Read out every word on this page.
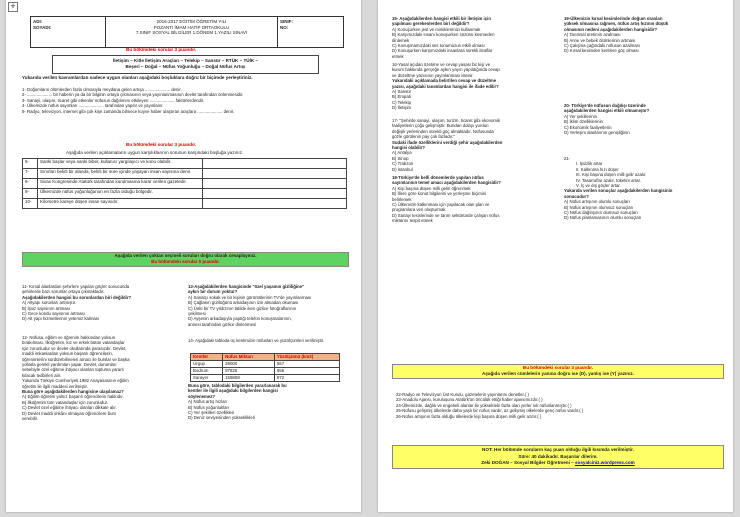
✛
ADI:
SOYADI:
2016-2017 EĞİTİM ÖĞRETİM YILI
POZANTI İMAM HATİP ORTAOKULU
7.SINIF SOSYAL BİLGİLER 1.DÖNEM 1.YAZILI SINAVI
SINIF:
NO:
Bu bölümdeki sorular 3 puandır.
İletişim – Kitle İletişim Araçları – Telekip – Sansür – RTÜK – TÜİK –
Beşeri – Doğal – Nüfus Yoğunluğu – Doğal Nüfus Artışı
Yukarıda verilen kavramlardan sadece uygun olanları aşağıdaki boşluklara doğru bir biçimde yerleştiriniz.
1- Doğumların ölümlerden fazla olmasıyla meydana gelen artışa ..................... denir.
2- ..................... bir haberin ya da bir bilginin ortaya çıkmasının veya yayınlanmasının devlet tarafından önlenmesidir.
3- Sanayi, ulaşım, ticaret gibi etkenler nüfusun dağılımını etkileyen ..................... faktörlerdendir.
4- Ülkemizde nüfus sayımları ..................... tarafından yapılır ve yayınlanır.
5- Radyo, televizyon, internet gibi çok kişe zamanda bilmece koyve haber ulaştıran araçlara ..................... denir.
Bu bölümdeki sorular 3 puandır.
Aşağıda verilen açıklamaların uygun karşılıklarının sorunun karşındaki boşluğa yazınız.
6-	Sanki başlar veya sanki biber, kullanıcı yargılayıcı ve konu olabilir.	
7-	Sınırları belirli bir alanda, belirli bir süre içinde yaşayan insan sayısına denir.	
8-	Sivas Kongresinde Atatürk tarafından kurulmasına karar verilen gazetedir.	
9-	Ülkemizde nüfus yoğunluğunun en fazla olduğu bölgedir.	
10-	Kilometre kareye düşen insan sayısıdır.	
Aşağıda verilen çoktan seçmeli soruları doğru olarak cevaplayınız.
Bu bölümdeki sorular 5 puandır.
11- Kırsal alanlardan şehirlere yapılan göçler sonucunda
şehirlerde bazı sorunlar ortaya çıkmaktadır.
Aşağıdakilerden hangisi bu sorunlardan biri değildir?
A) Altyapı sorunları artmıştır.
B) İşsiz sayısının artması
C) Gece kondu sayısının artması
D) Alt yapı hizmetlerinin yetersiz kalması
12- Nüfusa, eğitim ve öğrenim hakkından yoksun
bırakılması. İlköğretim, kız ve erkek bütün vatandaşlar
için zorunludur ve devlet okullarında parasızdır. Devlet,
maddi imkanlardan yoksun başarılı öğrencilerin,
öğrenimlerini sürdürebilmeleri amacı ile burslar ve başka
yollarla gerekli yardımları yapar. Devlet, durumları
sebebiyle özel eğitime ihtiyacı olanları topluma yararlı
kılacak tedbirleri alır.
Yukarıda Türkiye Cumhuriyeti 1982 Anayasasının eğitim
öğretim ile ilgili maddesi verilmiştir.
Buna göre aşağıdakilerden hangisine ulaşılamaz?
A) Eğitim-öğretim yalnız başarılı öğrencilerin hakkıdır.
B) İlköğretim tüm vatandaşlar için zorunludur.
C) Devlet özel eğitime ihtiyacı olanları dikkate alır.
D) Devlet maddi imkânı olmayan öğrencilere burs
verebilir.
13-Aşağıdakilerden hangisinde "özel yaşamın gizliliğine"
aykırı bir durum yoktur?
A) Sanatçı sokak ve bir kişinin görüntülerinin TV'de yayınlanması
B) Çağlanın günlüğünü arkadaşının izin almadan okuması
C) Ünlü bir TV yıldızının tatilde iken gizlice fotoğraflarının
çekilmesi
D) Ayşenin arkadaşıyla yaptığı telefon konuşmalarının,
annesi tarafından gizlice dinlenmesi
14- Aşağıdaki tabloda üç kentimizin nüfusları ve yüzölçümleri verilmiştir.
Kentler	Nüfus Miktarı	Yüzölçümü (km2)
Urgup	28000	557
Bodrum	97826	656
Sarayer	159808	972
Buna göre, tablodaki bilgilerden yararlanarak bu
kentler ile ilgili aşağıdaki bilgilerden hangisi
söylenemez?
A) Nüfus artış hızları
B) Nüfus yoğunlukları
C) Yer şekilleri özellikleri
D) Deniz seviyesinden yükseklikleri
15- Aşağıdakilerden hangisi etkili bir iletişim için
yapılması gerekenlerden biri değildir?
A) Konuşurken jest ve mimiklerimizi kullanmak
B) Karşımızdaki insanı konuşurken sözünü kesmeden
dinlemek
C) Konuşmamızdaki ses tonumuzun etkili olması
D) Konuşurken karşımızdaki insanlara sürekli itiraflar
etmek
16-Yasal açıdan özetime ve cevap yasası bir kişi ve
kurum hakkında gerçeğe aykırı yayın yapıldığında cevap
ve düzeltme yazısının yayınlanması istenir.
Yukarıdaki açıklamada belirtilen cevap ve düzeltme
yazısı, aşağıdaki tanımlardan hangisi ile ifade edilir?
A) Sansür
B) Empati
C) Telekip
D) İletişim
17- "Şehirde sanayi, ulaşım, turizm, ticaret gibi ekonomik
faaliyetlerin çoğu gelişmiştir. Bundan dolayı yurdun
değişik yerlerinden sürekli göç almaktadır. Nüfusunda
gözle görülenin pay çok fazladır."
Sudaki ifade özelliklerini verdiği şehir aşağıdakilerden
hangisi olabilir?
A) Antalya
B) Sinop
C) Trabzon
D) İstanbul
18-Türkiye'de belli dönemlerde yapılan nüfus
sayımlarının temel amacı aşağıdakilerden hangisidir?
A) Kişi başına düşen milli geliri öğrenmek
B) İllere göre konut bilgilerini ve yerleşme biçimini
belirlemek
C) Ülkemizin kalkınması için yapılacak olan plan ve
programlara veri oluşturmak
D) Sanayi tesislerinde ve tarım sektöründe çalışan nüfus
miktarını tespit etmek
19-Ülkemizin kırsal kesimlerinde doğum oranları
yüksek olmasına rağmen, nüfus artış hızının düşük
olmasının nedeni aşağıdakilerden hangisidir?
A) Tarımsal üretimin azalması
B) Anne ve bebek ölümlerinin artması
C) Çalışma çağındaki nüfusun azalması
D) Kırsal kesimden kentlere göç olması
20- Türkiye'de nüfusun dağılışı üzerinde
aşağıdakilerden hangisi etkili olmamıştır?
A) Yer şekillerinin
B) İklim özelliklerinin
C) Ekonomik faaliyetlerin
D) Yerleşim alanlarının genişliğinin
21-
I. İşsizlik artar
II. Kalkınma hızı düşer
III. Kişi başına düşen milli gelir azalır.
IV. Tasarruflar azalır, tüketim artar.
V. İç ve dış göçler artar.
Yukarıda verilen sonuçlar aşağıdakilerden hangisinin
sonucudur?
A) Nüfus artışının olumlu sonuçları
B) Nüfus artışının olumsuz sonuçları
C) Nüfus dağılışının olumsuz sonuçları
D) Nüfus planlamasının olumlu sonuçları
Bu bölümdeki sorular 3 puandır.
Aşağıda verilen cümlelerin yanına doğru ise (D), yanlış ise (Y) yazınız.
22-Radyo ve Televizyon Üst Kurulu, gazetelerin yayınlarını denetler.( )
23-Anadolu Ajansı, kuruluşunu Atatürk'ün öncülük ettiği haber ajansımızdır.( )
24-Ülkemizde, dağlık ve engebeli alanlar ile yüksekteki fazla olan yerler sık nüfuslanmıştır.( )
25-Nüfusu gelişmiş ülkelerde daha yaşlı bir nüfus vardır, az gelişmiş ülkelerde genç nüfus vardır.( )
26-Nüfus artışının fazla olduğu ülkelerde kişi başına düşen milli gelir azdır.( )
NOT: Her bölümde soruların kaç puan olduğu ilgili kısımda verilmiştir.
Süre: 40 dakikadır. Başarılar dilerim.
Zeki DOĞAN – Sosyal Bilgiler Öğretmeni – sosyalciniz.wordpress.com
